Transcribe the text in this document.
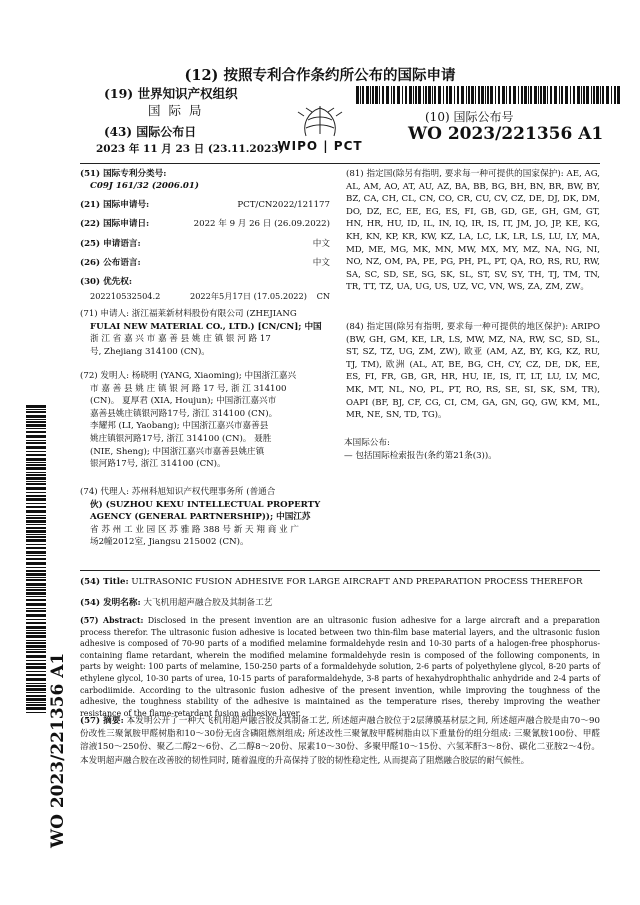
(12) 按照专利合作条约所公布的国际申请
(19) 世界知识产权组织
国 际 局
(43) 国际公布日
2023 年 11 月 23 日 (23.11.2023)
WIPO | PCT
(10) 国际公布号
WO 2023/221356 A1
(51) 国际专利分类号:
C09J 161/32 (2006.01)
(21) 国际申请号:	PCT/CN2022/121177
(22) 国际申请日:	2022 年 9 月 26 日 (26.09.2022)
(25) 申请语言:	中文
(26) 公布语言:	中文
(30) 优先权:
202210532504.2	2022年5月17日 (17.05.2022) CN
(71) 申请人: 浙江福莱新材料股份有限公司 (ZHEJIANG
FULAI NEW MATERIAL CO., LTD.) [CN/CN]; 中国
浙 江 省 嘉 兴 市 嘉 善 县 姚 庄 镇 银 河 路 17
号, Zhejiang 314100 (CN)。
(72) 发明人: 杨晓明 (YANG, Xiaoming); 中国浙江嘉兴
市 嘉 善 县 姚 庄 镇 银 河 路 17 号, 浙 江 314100
(CN)。 夏厚君 (XIA, Houjun); 中国浙江嘉兴市
嘉善县姚庄镇银河路17号, 浙江 314100 (CN)。
李耀邦 (LI, Yaobang); 中国浙江嘉兴市嘉善县
姚庄镇银河路17号, 浙江 314100 (CN)。 聂胜
(NIE, Sheng); 中国浙江嘉兴市嘉善县姚庄镇
银河路17号, 浙江 314100 (CN)。
(74) 代理人: 苏州科旭知识产权代理事务所 (普通合
伙) (SUZHOU KEXU INTELLECTUAL PROPERTY
AGENCY (GENERAL PARTNERSHIP)); 中国江苏
省 苏 州 工 业 园 区 苏 雅 路 388 号 新 天 翔 商 业 广
场2幢2012室, Jiangsu 215002 (CN)。
(81) 指定国(除另有指明, 要求每一种可提供的国家保护): AE, AG, AL, AM, AO, AT, AU, AZ, BA, BB, BG, BH, BN, BR, BW, BY, BZ, CA, CH, CL, CN, CO, CR, CU, CV, CZ, DE, DJ, DK, DM, DO, DZ, EC, EE, EG, ES, FI, GB, GD, GE, GH, GM, GT, HN, HR, HU, ID, IL, IN, IQ, IR, IS, IT, JM, JO, JP, KE, KG, KH, KN, KP, KR, KW, KZ, LA, LC, LK, LR, LS, LU, LY, MA, MD, ME, MG, MK, MN, MW, MX, MY, MZ, NA, NG, NI, NO, NZ, OM, PA, PE, PG, PH, PL, PT, QA, RO, RS, RU, RW, SA, SC, SD, SE, SG, SK, SL, ST, SV, SY, TH, TJ, TM, TN, TR, TT, TZ, UA, UG, US, UZ, VC, VN, WS, ZA, ZM, ZW。
(84) 指定国(除另有指明, 要求每一种可提供的地区保护): ARIPO (BW, GH, GM, KE, LR, LS, MW, MZ, NA, RW, SC, SD, SL, ST, SZ, TZ, UG, ZM, ZW), 欧亚 (AM, AZ, BY, KG, KZ, RU, TJ, TM), 欧洲 (AL, AT, BE, BG, CH, CY, CZ, DE, DK, EE, ES, FI, FR, GB, GR, HR, HU, IE, IS, IT, LT, LU, LV, MC, MK, MT, NL, NO, PL, PT, RO, RS, SE, SI, SK, SM, TR), OAPI (BF, BJ, CF, CG, CI, CM, GA, GN, GQ, GW, KM, ML, MR, NE, SN, TD, TG)。
本国际公布:
— 包括国际检索报告(条约第21条(3))。
(54) Title: ULTRASONIC FUSION ADHESIVE FOR LARGE AIRCRAFT AND PREPARATION PROCESS THEREFOR
(54) 发明名称: 大飞机用超声融合胶及其制备工艺
(57) Abstract: Disclosed in the present invention are an ultrasonic fusion adhesive for a large aircraft and a preparation process therefor. The ultrasonic fusion adhesive is located between two thin-film base material layers, and the ultrasonic fusion adhesive is composed of 70-90 parts of a modified melamine formaldehyde resin and 10-30 parts of a halogen-free phosphorus-containing flame retardant, wherein the modified melamine formaldehyde resin is composed of the following components, in parts by weight: 100 parts of melamine, 150-250 parts of a formaldehyde solution, 2-6 parts of polyethylene glycol, 8-20 parts of ethylene glycol, 10-30 parts of urea, 10-15 parts of paraformaldehyde, 3-8 parts of hexahydrophthalic anhydride and 2-4 parts of carbodiimide. According to the ultrasonic fusion adhesive of the present invention, while improving the toughness of the adhesive, the toughness stability of the adhesive is maintained as the temperature rises, thereby improving the weather resistance of the flame-retardant fusion adhesive layer.
(57) 摘要: 本发明公开了一种大飞机用超声融合胶及其制备工艺, 所述超声融合胶位于2层薄膜基材层之间, 所述超声融合胶是由70～90份改性三聚氰胺甲醛树脂和10～30份无卤含磷阻燃剂组成; 所述改性三聚氰胺甲醛树脂由以下重量份的组分组成: 三聚氰胺100份、甲醛溶液150～250份、聚乙二醇2～6份、乙二醇8～20份、尿素10～30份、多聚甲醛10～15份、六氢苯酐3～8份、碳化二亚胺2～4份。本发明超声融合胶在改善胶的韧性同时, 随着温度的升高保持了胶的韧性稳定性, 从而提高了阻燃融合胶层的耐气候性。
WO 2023/221356 A1
